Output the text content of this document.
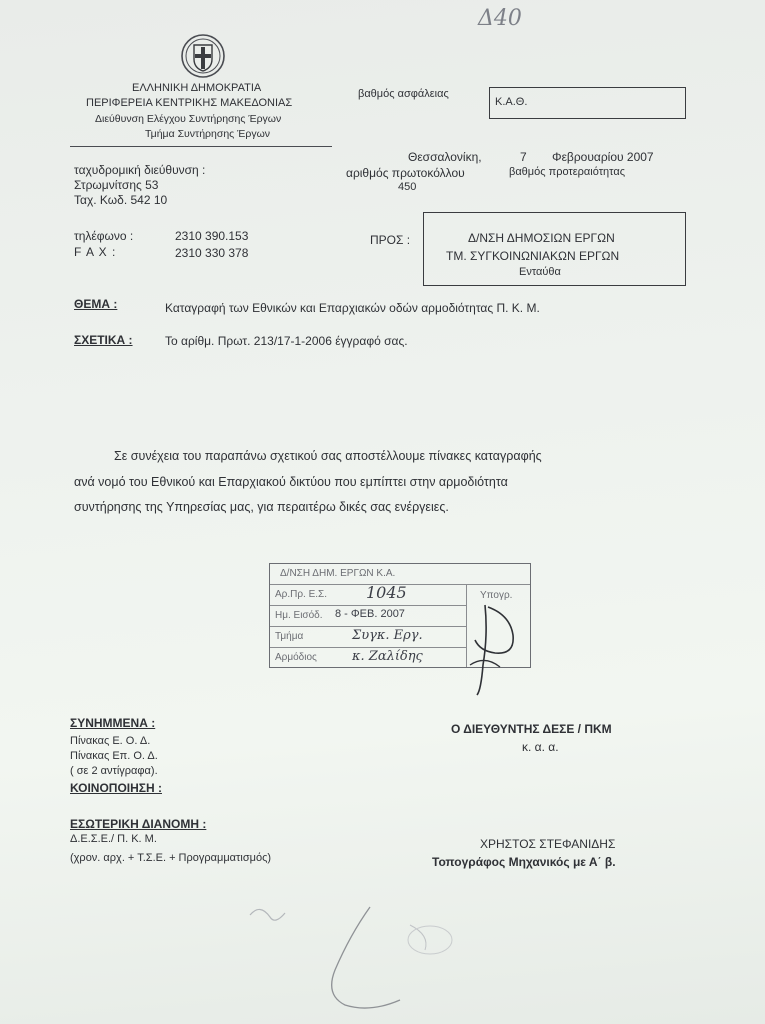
Δ40
ΕΛΛΗΝΙΚΗ ΔΗΜΟΚΡΑΤΙΑ
ΠΕΡΙΦΕΡΕΙΑ ΚΕΝΤΡΙΚΗΣ ΜΑΚΕΔΟΝΙΑΣ
Διεύθυνση Ελέγχου Συντήρησης Έργων
Τμήμα Συντήρησης Έργων
βαθμός ασφάλειας
Κ.Α.Θ.
ταχυδρομική διεύθυνση :
Στρωμνίτσης 53
Ταχ. Κωδ. 542 10
τηλέφωνο :	2310 390.153
F A X :	2310 330 378
Θεσσαλονίκη,	7 Φεβρουαρίου 2007
αριθμός πρωτοκόλλου	βαθμός προτεραιότητας
450
ΠΡΟΣ :	Δ/ΝΣΗ ΔΗΜΟΣΙΩΝ ΕΡΓΩΝ
ΤΜ. ΣΥΓΚΟΙΝΩΝΙΑΚΩΝ ΕΡΓΩΝ
Ενταύθα
ΘΕΜΑ :	Καταγραφή των Εθνικών και Επαρχιακών οδών αρμοδιότητας Π. Κ. Μ.
ΣΧΕΤΙΚΑ :	Το αρίθμ. Πρωτ. 213/17-1-2006 έγγραφό σας.
Σε συνέχεια του παραπάνω σχετικού σας αποστέλλουμε πίνακες καταγραφής
ανά νομό του Εθνικού και Επαρχιακού δικτύου που εμπίπτει στην αρμοδιότητα
συντήρησης της Υπηρεσίας μας, για περαιτέρω δικές σας ενέργειες.
Δ/ΝΣΗ ΔΗΜ. ΕΡΓΩΝ Κ.Α.
Αρ.Πρ. Ε.Σ. 1045
Ημ. Εισόδ. 8 - ΦΕΒ. 2007
Τμήμα	Συγκ. Εργ.
Αρμόδιος	κ. Ζαλίδης
Υπογρ.
ΣΥΝΗΜΜΕΝΑ :
Πίνακας Ε. Ο. Δ.
Πίνακας Επ. Ο. Δ.
( σε 2 αντίγραφα).
ΚΟΙΝΟΠΟΙΗΣΗ :
ΕΣΩΤΕΡΙΚΗ ΔΙΑΝΟΜΗ :
Δ.Ε.Σ.Ε./ Π. Κ. Μ.
(χρον. αρχ. + Τ.Σ.Ε. + Προγραμματισμός)
Ο ΔΙΕΥΘΥΝΤΗΣ ΔΕΣΕ / ΠΚΜ
κ. α. α.
ΧΡΗΣΤΟΣ ΣΤΕΦΑΝΙΔΗΣ
Τοπογράφος Μηχανικός με Α΄ β.
